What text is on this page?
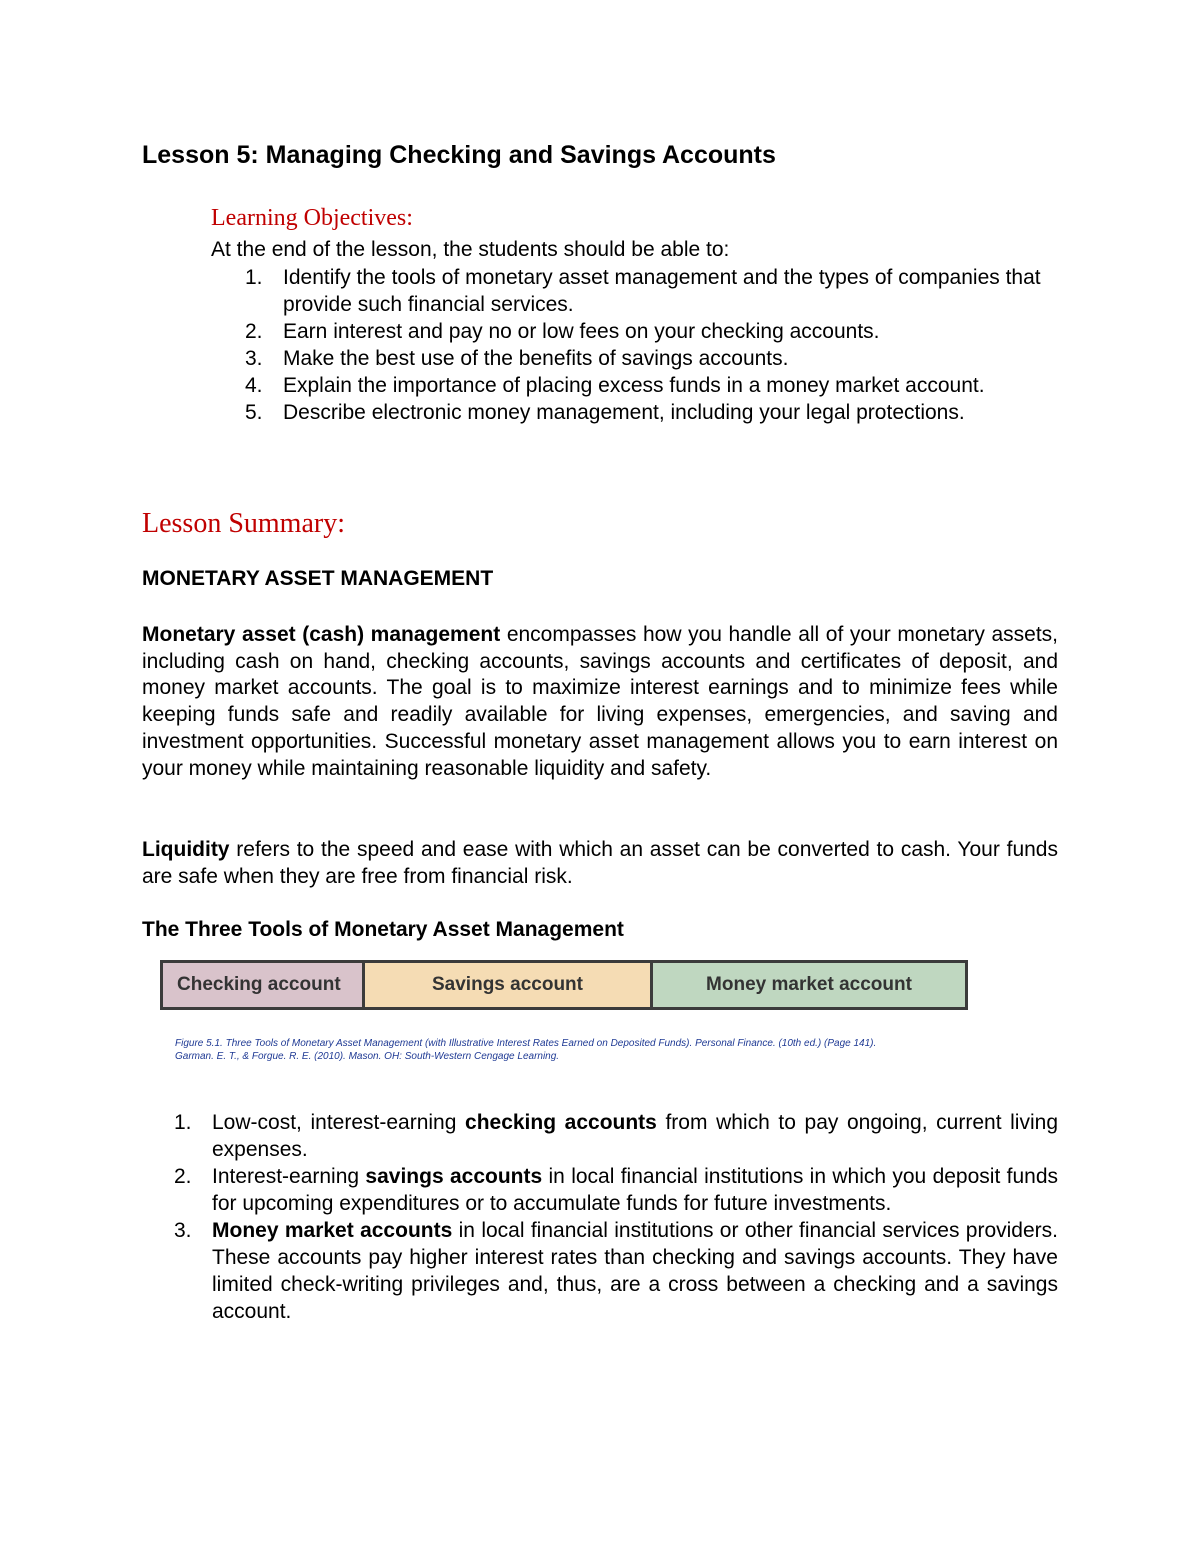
Lesson 5: Managing Checking and Savings Accounts
Learning Objectives:
At the end of the lesson, the students should be able to:
1. Identify the tools of monetary asset management and the types of companies that provide such financial services.
2. Earn interest and pay no or low fees on your checking accounts.
3. Make the best use of the benefits of savings accounts.
4. Explain the importance of placing excess funds in a money market account.
5. Describe electronic money management, including your legal protections.
Lesson Summary:
MONETARY ASSET MANAGEMENT

Monetary asset (cash) management encompasses how you handle all of your monetary assets, including cash on hand, checking accounts, savings accounts and certificates of deposit, and money market accounts. The goal is to maximize interest earnings and to minimize fees while keeping funds safe and readily available for living expenses, emergencies, and saving and investment opportunities. Successful monetary asset management allows you to earn interest on your money while maintaining reasonable liquidity and safety.

Liquidity refers to the speed and ease with which an asset can be converted to cash. Your funds are safe when they are free from financial risk.

The Three Tools of Monetary Asset Management
Checking account	Savings account	Money market account
Figure 5.1. Three Tools of Monetary Asset Management (with Illustrative Interest Rates Earned on Deposited Funds). Personal Finance. (10th ed.) (Page 141).
Garman. E. T., & Forgue. R. E. (2010). Mason. OH: South-Western Cengage Learning.
1. Low-cost, interest-earning checking accounts from which to pay ongoing, current living expenses.
2. Interest-earning savings accounts in local financial institutions in which you deposit funds for upcoming expenditures or to accumulate funds for future investments.
3. Money market accounts in local financial institutions or other financial services providers. These accounts pay higher interest rates than checking and savings accounts. They have limited check-writing privileges and, thus, are a cross between a checking and a savings account.
